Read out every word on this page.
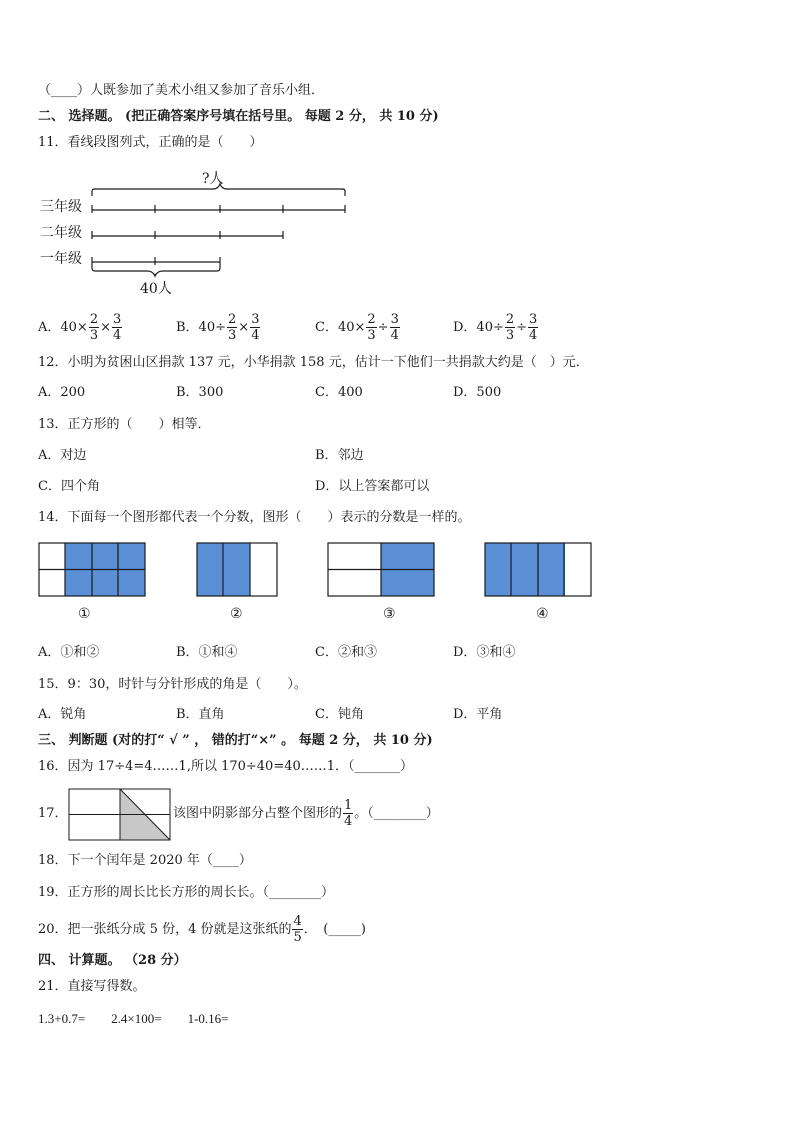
（____）人既参加了美术小组又参加了音乐小组．
二、 选择题。 (把正确答案序号填在括号里。 每题 2 分， 共 10 分)
11．看线段图列式，正确的是（　　）
?人
三年级
二年级
一年级
40人
A．$40\times \frac{2}{3} \times \frac{3}{4}$	B．$40\div \frac{2}{3} \times \frac{3}{4}$	C．$40\times \frac{2}{3} \div \frac{3}{4}$	D．$40\div \frac{2}{3} \div \frac{3}{4}$
12．小明为贫困山区捐款 137 元，小华捐款 158 元，估计一下他们一共捐款大约是（　）元．
A．200	B．300	C．400	D．500
13．正方形的（　　）相等．
A．对边	B．邻边
C．四个角	D．以上答案都可以
14．下面每一个图形都代表一个分数，图形（　　）表示的分数是一样的。
①	②	③	④
A．①和②	B．①和④	C．②和③	D．③和④
15．9：30，时针与分针形成的角是（　　）。
A．锐角	B．直角	C．钝角	D．平角
三、 判断题 (对的打“ √ ” ， 错的打“×” 。 每题 2 分， 共 10 分)
16．因为 17÷4=4……1,所以 170÷40=40……1．（_______）
17．	该图中阴影部分占整个图形的 $\frac{1}{4}$ 。（________）
18．下一个闰年是 2020 年（____）
19．正方形的周长比长方形的周长长。（________）
20．把一张纸分成 5 份，4 份就是这张纸的 $\frac{4}{5}$ ．　(_____)
四、 计算题。 （28 分）
21．直接写得数。
1.3+0.7=　　2.4×100=　　1-0.16=
